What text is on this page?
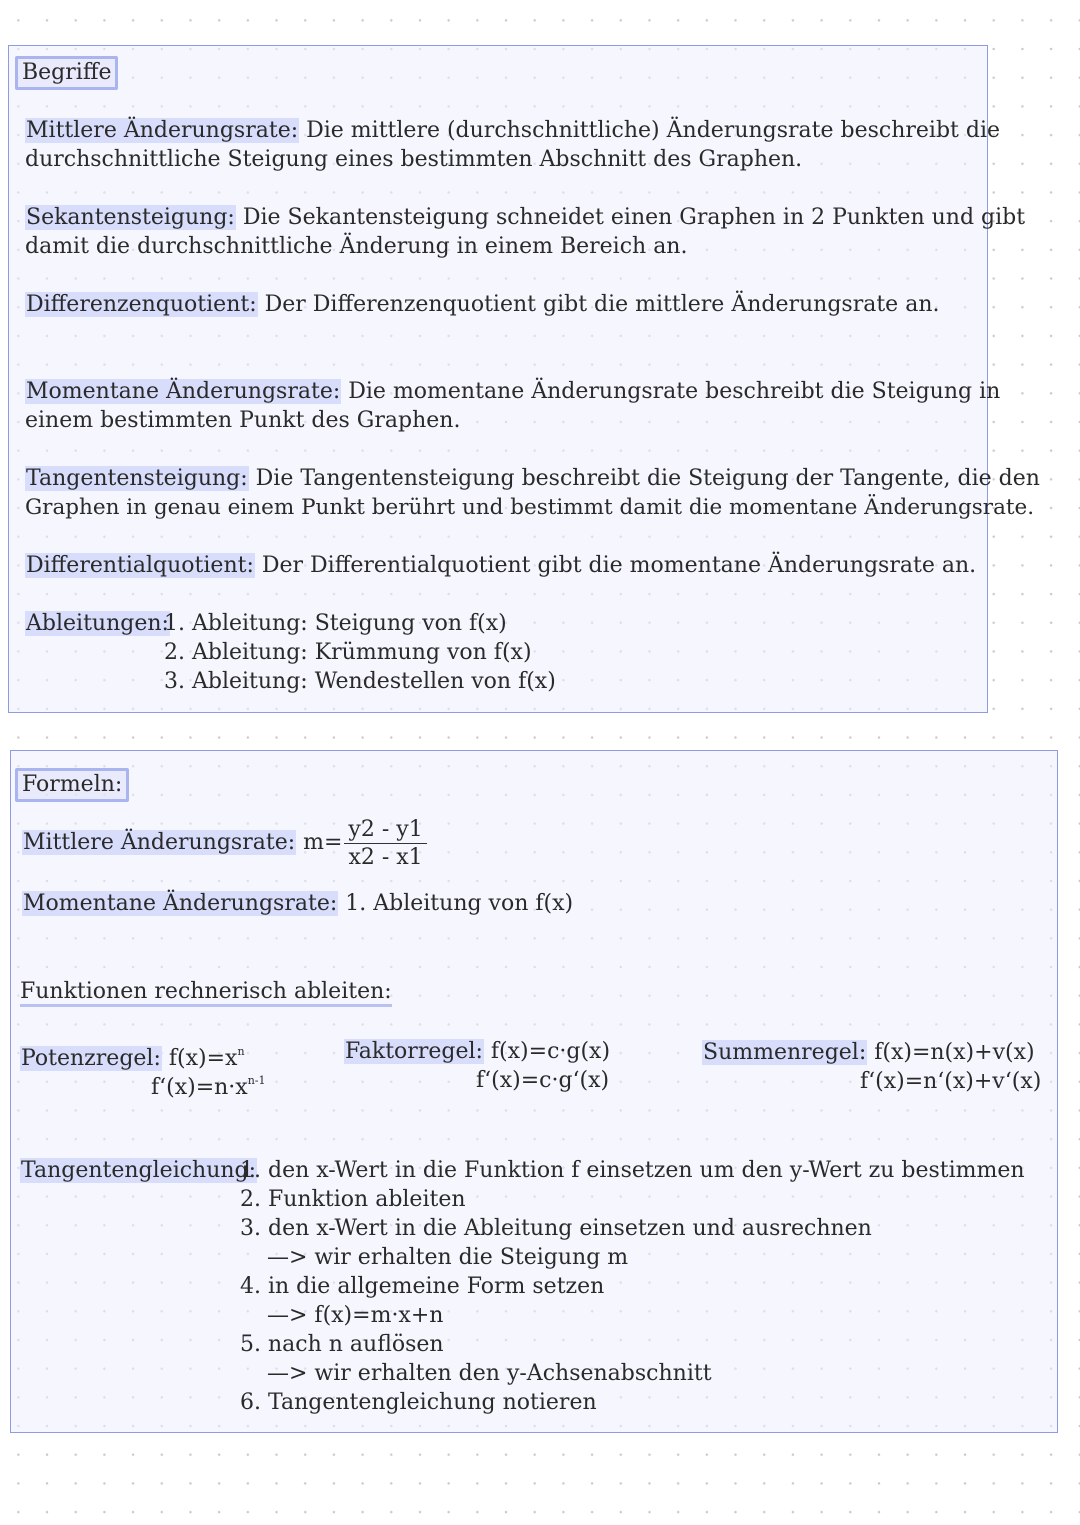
Begriffe
Mittlere Änderungsrate: Die mittlere (durchschnittliche) Änderungsrate beschreibt die
durchschnittliche Steigung eines bestimmten Abschnitt des Graphen.
Sekantensteigung: Die Sekantensteigung schneidet einen Graphen in 2 Punkten und gibt
damit die durchschnittliche Änderung in einem Bereich an.
Differenzenquotient: Der Differenzenquotient gibt die mittlere Änderungsrate an.
Momentane Änderungsrate: Die momentane Änderungsrate beschreibt die Steigung in
einem bestimmten Punkt des Graphen.
Tangentensteigung: Die Tangentensteigung beschreibt die Steigung der Tangente, die den
Graphen in genau einem Punkt berührt und bestimmt damit die momentane Änderungsrate.
Differentialquotient: Der Differentialquotient gibt die momentane Änderungsrate an.
Ableitungen:
1. Ableitung: Steigung von f(x)
2. Ableitung: Krümmung von f(x)
3. Ableitung: Wendestellen von f(x)
Formeln:
Mittlere Änderungsrate: $m= \frac{y2 - y1}{x2 - x1}$
Momentane Änderungsrate: 1. Ableitung von f(x)
Funktionen rechnerisch ableiten:
Potenzregel: $f(x)=x^n$
$f‘(x)=n\cdot x^{n-1}$
Faktorregel: f(x)=c·g(x)
f‘(x)=c·g‘(x)
Summenregel: f(x)=n(x)+v(x)
f‘(x)=n‘(x)+v‘(x)
Tangentengleichung:
1. den x-Wert in die Funktion f einsetzen um den y-Wert zu bestimmen
2. Funktion ableiten
3. den x-Wert in die Ableitung einsetzen und ausrechnen
—> wir erhalten die Steigung m
4. in die allgemeine Form setzen
—> f(x)=m·x+n
5. nach n auflösen
—> wir erhalten den y-Achsenabschnitt
6. Tangentengleichung notieren
